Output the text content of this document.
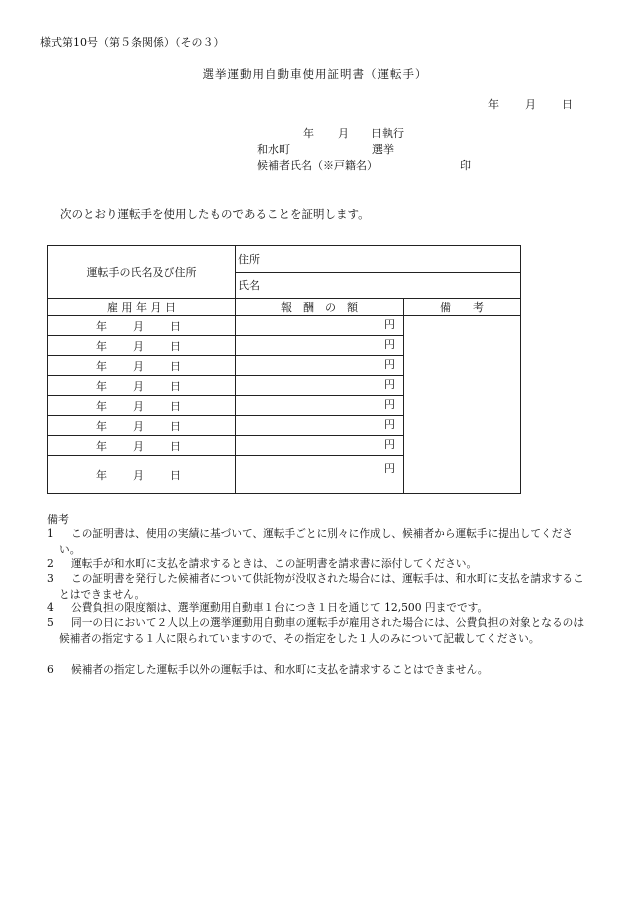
様式第10号（第５条関係）（その３）
選挙運動用自動車使用証明書（運転手）
年 月 日
年 月 日執行
和水町	選挙
候補者氏名（※戸籍名）	印
次のとおり運転手を使用したものであることを証明します。
運転手の氏名及び住所	住所	
	氏名	
雇 用 年 月 日	報　酬　の　額	備　　考
年 月 日	円	
年 月 日	円	
年 月 日	円	
年 月 日	円	
年 月 日	円	
年 月 日	円	
年 月 日	円	
年 月 日	円	
備考
1	この証明書は、使用の実績に基づいて、運転手ごとに別々に作成し、候補者から運転手に提出してください。
2	運転手が和水町に支払を請求するときは、この証明書を請求書に添付してください。
3	この証明書を発行した候補者について供託物が没収された場合には、運転手は、和水町に支払を請求することはできません。
4	公費負担の限度額は、選挙運動用自動車１台につき１日を通じて 12,500 円までです。
5	同一の日において２人以上の選挙運動用自動車の運転手が雇用された場合には、公費負担の対象となるのは候補者の指定する１人に限られていますので、その指定をした１人のみについて記載してください。
6	候補者の指定した運転手以外の運転手は、和水町に支払を請求することはできません。
